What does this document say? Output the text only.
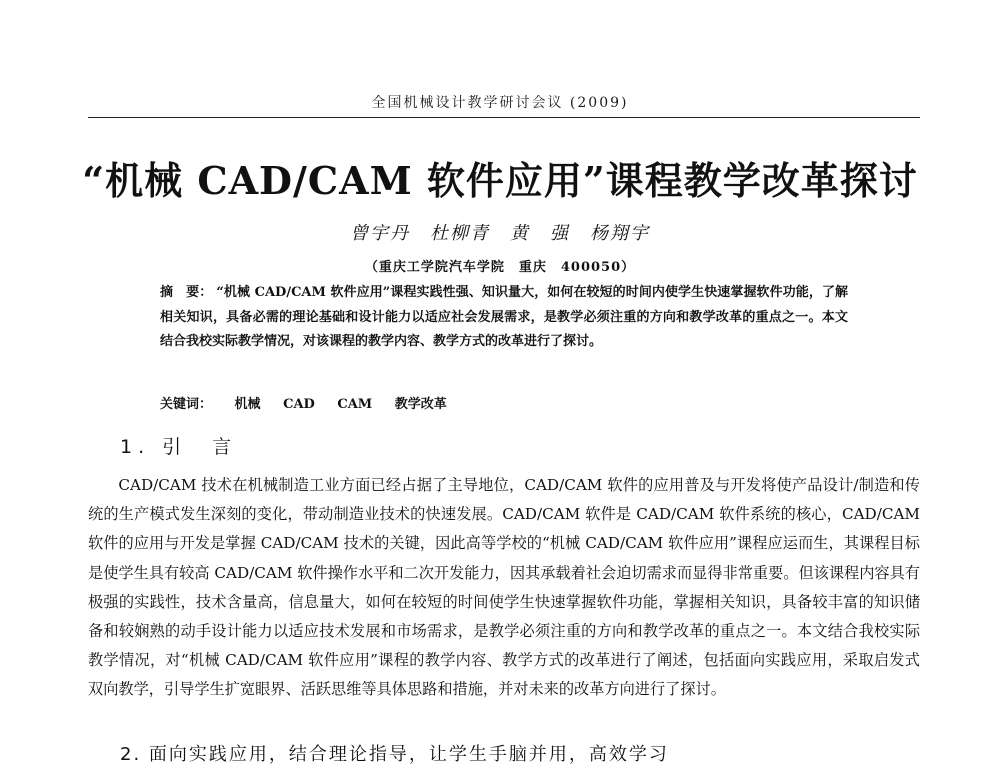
全国机械设计教学研讨会议 (2009)
“机械 CAD/CAM 软件应用”课程教学改革探讨
曾宇丹　杜柳青　黄　强　杨翔宇
（重庆工学院汽车学院　重庆　400050）
摘　要： “机械 CAD/CAM 软件应用”课程实践性强、知识量大，如何在较短的时间内使学生快速掌握软件功能，了解相关知识，具备必需的理论基础和设计能力以适应社会发展需求，是教学必须注重的方向和教学改革的重点之一。本文结合我校实际教学情况，对该课程的教学内容、教学方式的改革进行了探讨。
关键词： 机械 CAD CAM 教学改革
1. 引　言
CAD/CAM 技术在机械制造工业方面已经占据了主导地位，CAD/CAM 软件的应用普及与开发将使产品设计/制造和传统的生产模式发生深刻的变化，带动制造业技术的快速发展。CAD/CAM 软件是 CAD/CAM 软件系统的核心，CAD/CAM 软件的应用与开发是掌握 CAD/CAM 技术的关键，因此高等学校的“机械 CAD/CAM 软件应用”课程应运而生，其课程目标是使学生具有较高 CAD/CAM 软件操作水平和二次开发能力，因其承载着社会迫切需求而显得非常重要。但该课程内容具有极强的实践性，技术含量高，信息量大，如何在较短的时间使学生快速掌握软件功能，掌握相关知识，具备较丰富的知识储备和较娴熟的动手设计能力以适应技术发展和市场需求，是教学必须注重的方向和教学改革的重点之一。本文结合我校实际教学情况，对“机械 CAD/CAM 软件应用”课程的教学内容、教学方式的改革进行了阐述，包括面向实践应用，采取启发式双向教学，引导学生扩宽眼界、活跃思维等具体思路和措施，并对未来的改革方向进行了探讨。
2. 面向实践应用，结合理论指导，让学生手脑并用，高效学习
